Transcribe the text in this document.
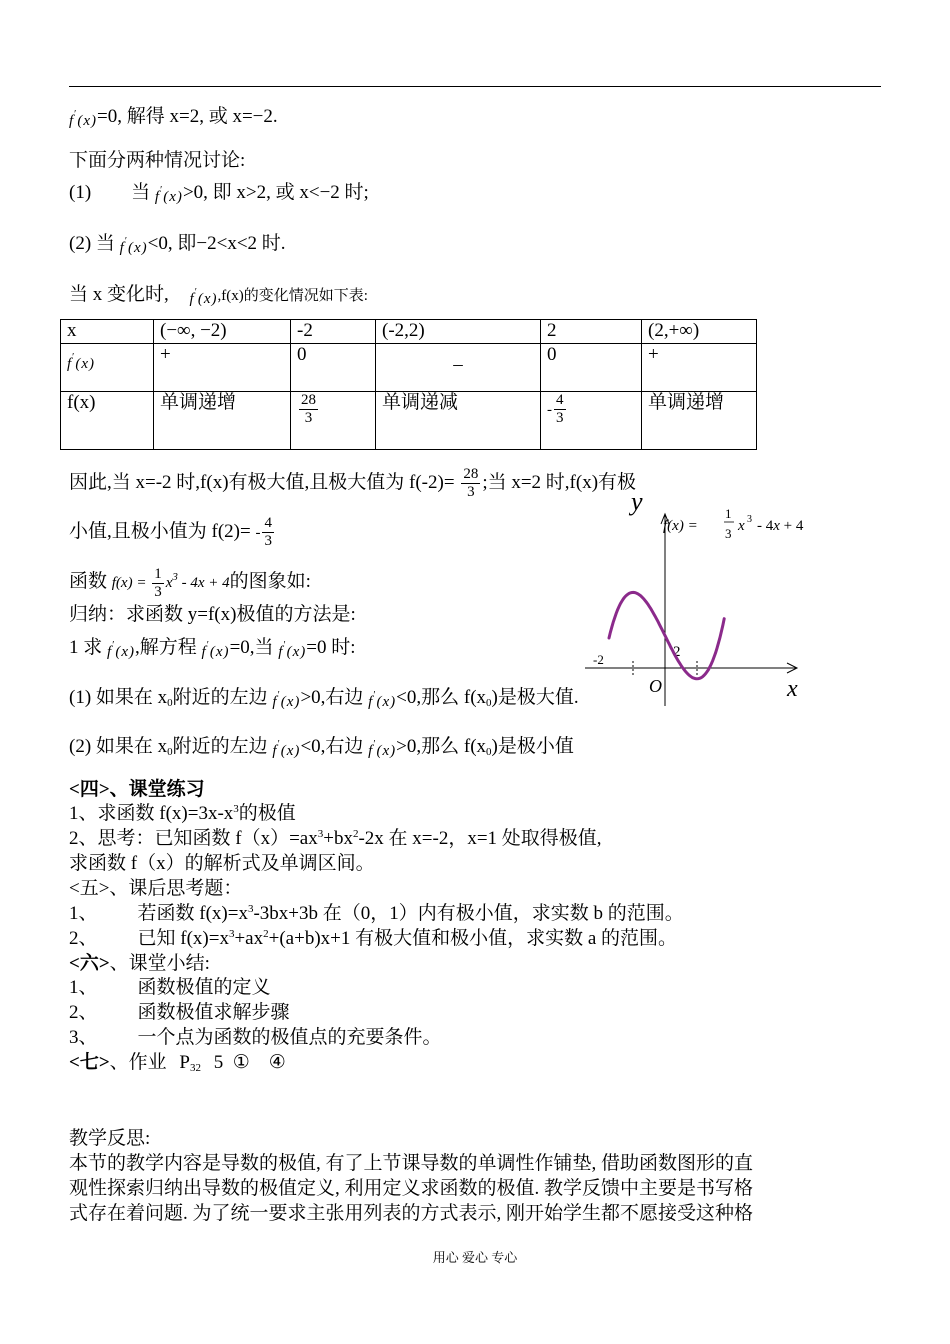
f′(x)=0, 解得 x=2, 或 x=−2.
下面分两种情况讨论:
(1) 当 f′(x)>0, 即 x>2, 或 x<−2 时;
(2) 当 f′(x)<0, 即−2<x<2 时.
当 x 变化时, f′(x),f(x)的变化情况如下表:
x	(−∞, −2)	-2	(-2,2)	2	(2,+∞)
f′(x)	+	0	–	0	+
f(x)	单调递增	$\frac{28}{3}$	单调递减	- $\frac{4}{3}$	单调递增
因此,当 x=-2 时,f(x)有极大值,且极大值为 $f(-2)= \frac{28}{3}$ ;当 x=2 时,f(x)有极
小值,且极小值为 $f(2)= - \frac{4}{3}$
函数 $f(x) = \frac{1}{3} x^3 - 4x + 4$的图象如:
归纳：求函数 y=f(x)极值的方法是:
1 求 f′(x),解方程 f′(x)=0,当 f′(x)=0 时:
(1) 如果在 $x_0$附近的左边 f′(x)>0,右边 f′(x)<0,那么 $f(x_0)$是极大值.
(2) 如果在 $x_0$附近的左边 f′(x)<0,右边 f′(x)>0,那么 $f(x_0)$是极小值
<四>、课堂练习
1、求函数 $f(x)=3x-x^3$的极值
2、思考：已知函数 $f(x)=ax^3+bx^2-2x$ 在 x=-2，x=1 处取得极值,
求函数 f（x）的解析式及单调区间。
<五>、课后思考题：
1、 若函数 $f(x)=x^3-3bx+3b$ 在（0，1）内有极小值，求实数 b 的范围。
2、 已知 $f(x)=x^3+ax^2+(a+b)x+1$ 有极大值和极小值，求实数 a 的范围。
<六>、课堂小结:
1、 函数极值的定义
2、 函数极值求解步骤
3、 一个点为函数的极值点的充要条件。
<七>、作业 $P_{32}$ 5  ①    ④
教学反思:
本节的教学内容是导数的极值, 有了上节课导数的单调性作铺垫, 借助函数图形的直
观性探索归纳出导数的极值定义, 利用定义求函数的极值. 教学反馈中主要是书写格
式存在着问题. 为了统一要求主张用列表的方式表示, 刚开始学生都不愿接受这种格
y
x
O
-2	2
f(x) =
1
3 x 3 - 4x + 4
用心 爱心 专心
